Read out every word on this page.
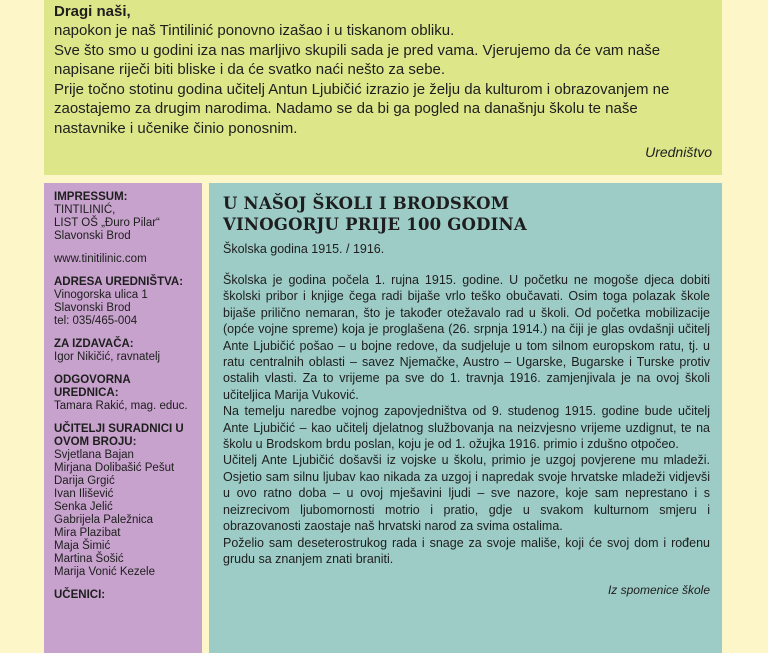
Dragi naši,

napokon je naš Tintilinić ponovno izašao i u tiskanom obliku.

Sve što smo u godini iza nas marljivo skupili sada je pred vama. Vjerujemo da će vam naše napisane riječi biti bliske i da će svatko naći nešto za sebe.

Prije točno stotinu godina učitelj Antun Ljubičić izrazio je želju da kulturom i obrazovanjem ne zaostajemo za drugim narodima. Nadamo se da bi ga pogled na današnju školu te naše nastavnike i učenike činio ponosnim.

Uredništvo
IMPRESSUM:
TINTILINIĆ,
LIST OŠ „Đuro Pilar“
Slavonski Brod
www.tinitilinic.com
ADRESA UREDNIŠTVA:
Vinogorska ulica 1
Slavonski Brod
tel: 035/465-004
ZA IZDAVAČA:
Igor Nikičić, ravnatelj
ODGOVORNA UREDNICA:
Tamara Rakić, mag. educ.
UČITELJI SURADNICI U
OVOM BROJU:
Svjetlana Bajan
Mirjana Dolibašić Pešut
Darija Grgić
Ivan Ilišević
Senka Jelić
Gabrijela Paležnica
Mira Plazibat
Maja Šimić
Martina Šošić
Marija Vonić Kezele
UČENICI:
U NAŠOJ ŠKOLI I BRODSKOM
VINOGORJU PRIJE 100 GODINA
Školska godina 1915. / 1916.

Školska je godina počela 1. rujna 1915. godine. U početku ne mogoše djeca dobiti školski pribor i knjige čega radi bijaše vrlo teško obučavati. Osim toga polazak škole bijaše prilično nemaran, što je također otežavalo rad u školi. Od početka mobilizacije (opće vojne spreme) koja je proglašena (26. srpnja 1914.) na čiji je glas ovdašnji učitelj Ante Ljubičić pošao – u bojne redove, da sudjeluje u tom silnom europskom ratu, tj. u ratu centralnih oblasti – savez Njemačke, Austro – Ugarske, Bugarske i Turske protiv ostalih vlasti. Za to vrijeme pa sve do 1. travnja 1916. zamjenjivala je na ovoj školi učiteljica Marija Vuković.

Na temelju naredbe vojnog zapovjedništva od 9. studenog 1915. godine bude učitelj Ante Ljubičić – kao učitelj djelatnog službovanja na neizvjesno vrijeme uzdignut, te na školu u Brodskom brdu poslan, koju je od 1. ožujka 1916. primio i zdušno otpočeo.

Učitelj Ante Ljubičić došavši iz vojske u školu, primio je uzgoj povjerene mu mladeži. Osjetio sam silnu ljubav kao nikada za uzgoj i napredak svoje hrvatske mladeži vidjevši u ovo ratno doba – u ovoj mješavini ljudi – sve nazore, koje sam neprestano i s neizrecivom ljubomornosti motrio i pratio, gdje u svakom kulturnom smjeru i obrazovanosti zaostaje naš hrvatski narod za svima ostalima.

Poželio sam deseterostrukog rada i snage za svoje mališe, koji će svoj dom i rođenu grudu sa znanjem znati braniti.

Iz spomenice škole
